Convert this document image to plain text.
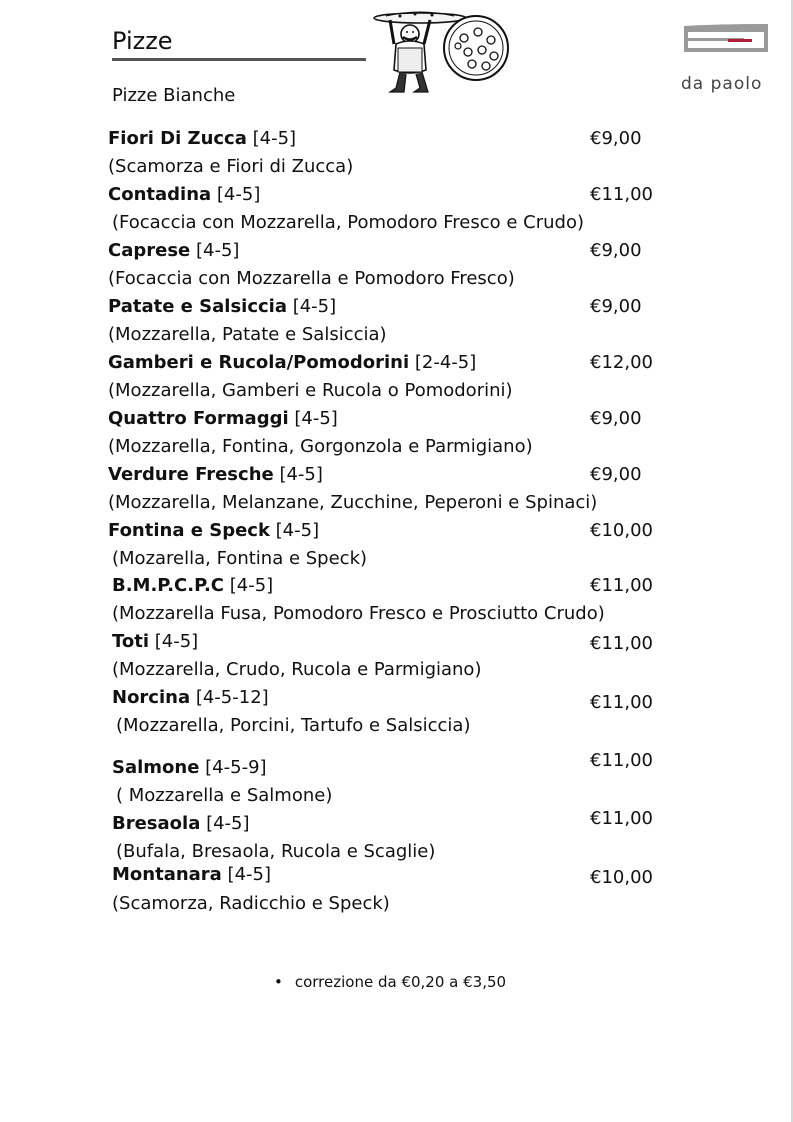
Pizze
Pizze Bianche
da paolo
Fiori Di Zucca [4-5]
(Scamorza e Fiori di Zucca)
€9,00
Contadina [4-5]
(Focaccia con Mozzarella, Pomodoro Fresco e Crudo)
€11,00
Caprese [4-5]
(Focaccia con Mozzarella e Pomodoro Fresco)
€9,00
Patate e Salsiccia [4-5]
(Mozzarella, Patate e Salsiccia)
€9,00
Gamberi e Rucola/Pomodorini [2-4-5]
(Mozzarella, Gamberi e Rucola o Pomodorini)
€12,00
Quattro Formaggi [4-5]
(Mozzarella, Fontina, Gorgonzola e Parmigiano)
€9,00
Verdure Fresche [4-5]
(Mozzarella, Melanzane, Zucchine, Peperoni e Spinaci)
€9,00
Fontina e Speck [4-5]
(Mozarella, Fontina e Speck)
€10,00
B.M.P.C.P.C [4-5]
(Mozzarella Fusa, Pomodoro Fresco e Prosciutto Crudo)
€11,00
Toti [4-5]
(Mozzarella, Crudo, Rucola e Parmigiano)
€11,00
Norcina [4-5-12]
(Mozzarella, Porcini, Tartufo e Salsiccia)
€11,00
Salmone [4-5-9]
( Mozzarella e Salmone)
€11,00
Bresaola [4-5]
(Bufala, Bresaola, Rucola e Scaglie)
€11,00
Montanara [4-5]
(Scamorza, Radicchio e Speck)
€10,00
• correzione da €0,20 a €3,50
